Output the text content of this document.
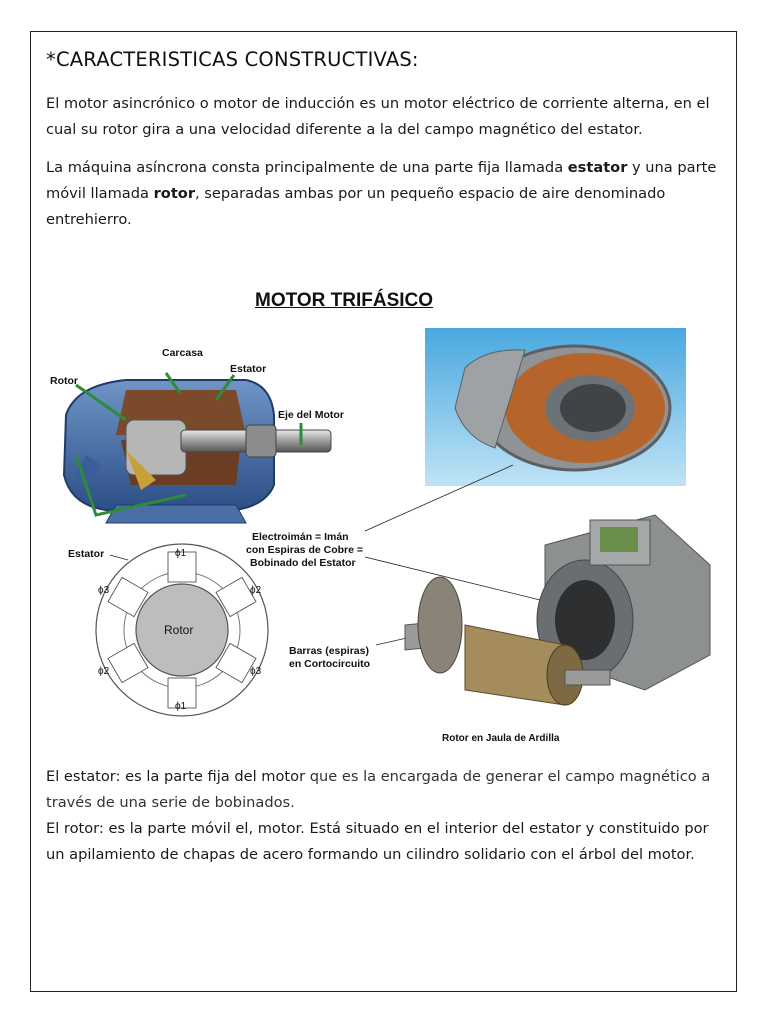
*CARACTERISTICAS CONSTRUCTIVAS:
El motor asincrónico o motor de inducción es un motor eléctrico de corriente alterna, en el cual su rotor gira a una velocidad diferente a la del campo magnético del estator.
La máquina asíncrona consta principalmente de una parte fija llamada estator y una parte móvil llamada rotor, separadas ambas por un pequeño espacio de aire denominado entrehierro.
MOTOR TRIFÁSICO
Carcasa
Estator
Rotor
Eje del Motor
Estator	ϕ1
ϕ2
ϕ3
ϕ1
ϕ2
ϕ3
Rotor
Electroimán = Imán
con Espiras de Cobre =
Bobinado del Estator
Barras (espiras)
en Cortocircuito
Rotor en Jaula de Ardilla
El estator: es la parte fija del motor que es la encargada de generar el campo magnético a través de una serie de bobinados.
El rotor: es la parte móvil el, motor. Está situado en el interior del estator y constituido por un apilamiento de chapas de acero formando un cilindro solidario con el árbol del motor.
